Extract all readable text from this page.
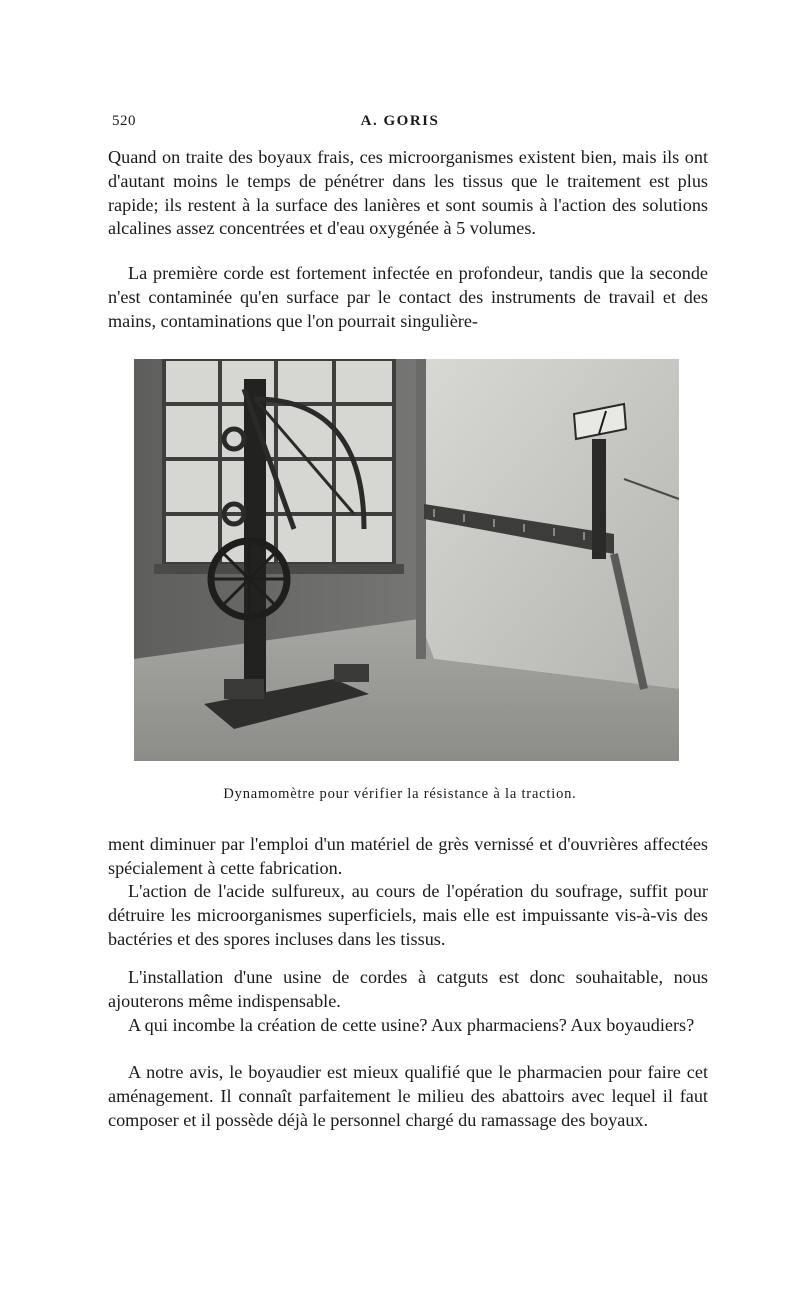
520	A. GORIS

Quand on traite des boyaux frais, ces microorganismes existent bien, mais ils ont d'autant moins le temps de pénétrer dans les tissus que le traitement est plus rapide; ils restent à la surface des lanières et sont soumis à l'action des solutions alcalines assez concentrées et d'eau oxygénée à 5 volumes.

La première corde est fortement infectée en profondeur, tandis que la seconde n'est contaminée qu'en surface par le contact des instruments de travail et des mains, contaminations que l'on pourrait singulière-

Dynamomètre pour vérifier la résistance à la traction.

ment diminuer par l'emploi d'un matériel de grès vernissé et d'ouvrières affectées spécialement à cette fabrication.

L'action de l'acide sulfureux, au cours de l'opération du soufrage, suffit pour détruire les microorganismes superficiels, mais elle est impuissante vis-à-vis des bactéries et des spores incluses dans les tissus.

L'installation d'une usine de cordes à catguts est donc souhaitable, nous ajouterons même indispensable.

A qui incombe la création de cette usine? Aux pharmaciens? Aux boyaudiers?

A notre avis, le boyaudier est mieux qualifié que le pharmacien pour faire cet aménagement. Il connaît parfaitement le milieu des abattoirs avec lequel il faut composer et il possède déjà le personnel chargé du ramassage des boyaux.
